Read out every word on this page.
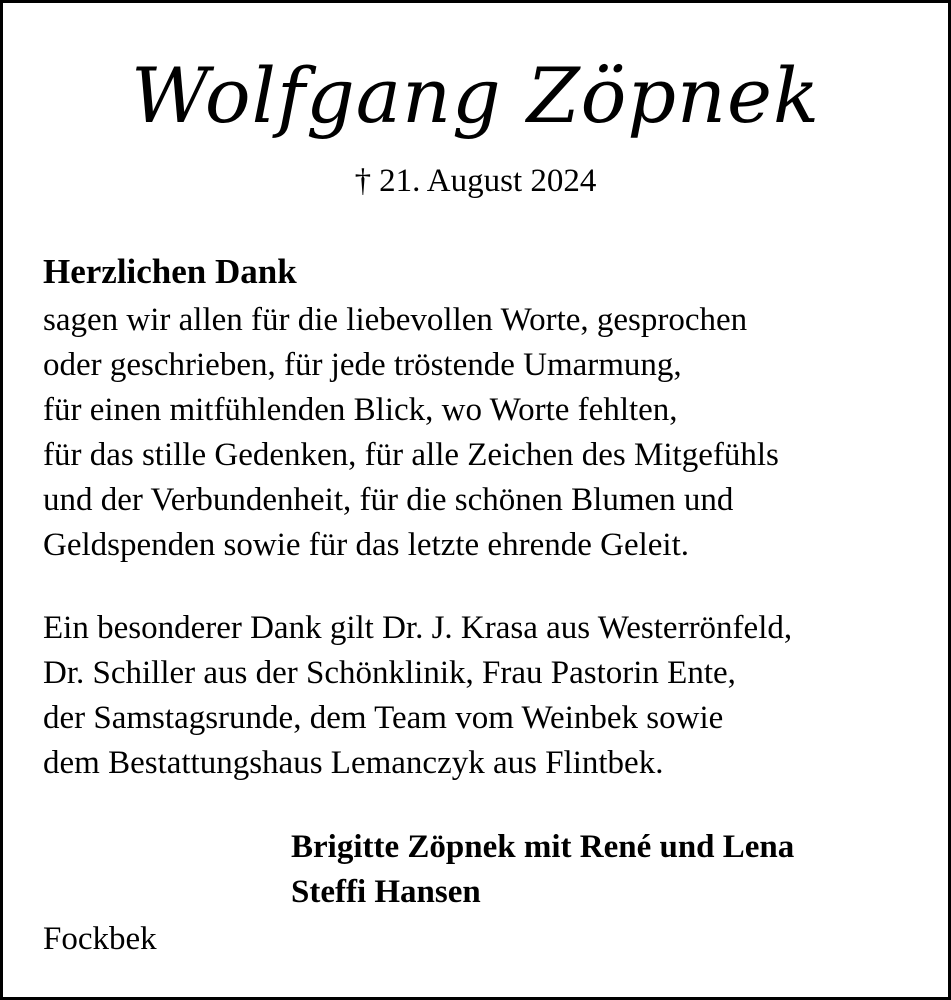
Wolfgang Zöpnek
† 21. August 2024
Herzlichen Dank
sagen wir allen für die liebevollen Worte, gesprochen
oder geschrieben, für jede tröstende Umarmung,
für einen mitfühlenden Blick, wo Worte fehlten,
für das stille Gedenken, für alle Zeichen des Mitgefühls
und der Verbundenheit, für die schönen Blumen und
Geldspenden sowie für das letzte ehrende Geleit.
Ein besonderer Dank gilt Dr. J. Krasa aus Westerrönfeld,
Dr. Schiller aus der Schönklinik, Frau Pastorin Ente,
der Samstagsrunde, dem Team vom Weinbek sowie
dem Bestattungshaus Lemanczyk aus Flintbek.
Brigitte Zöpnek mit René und Lena
Steffi Hansen
Fockbek
